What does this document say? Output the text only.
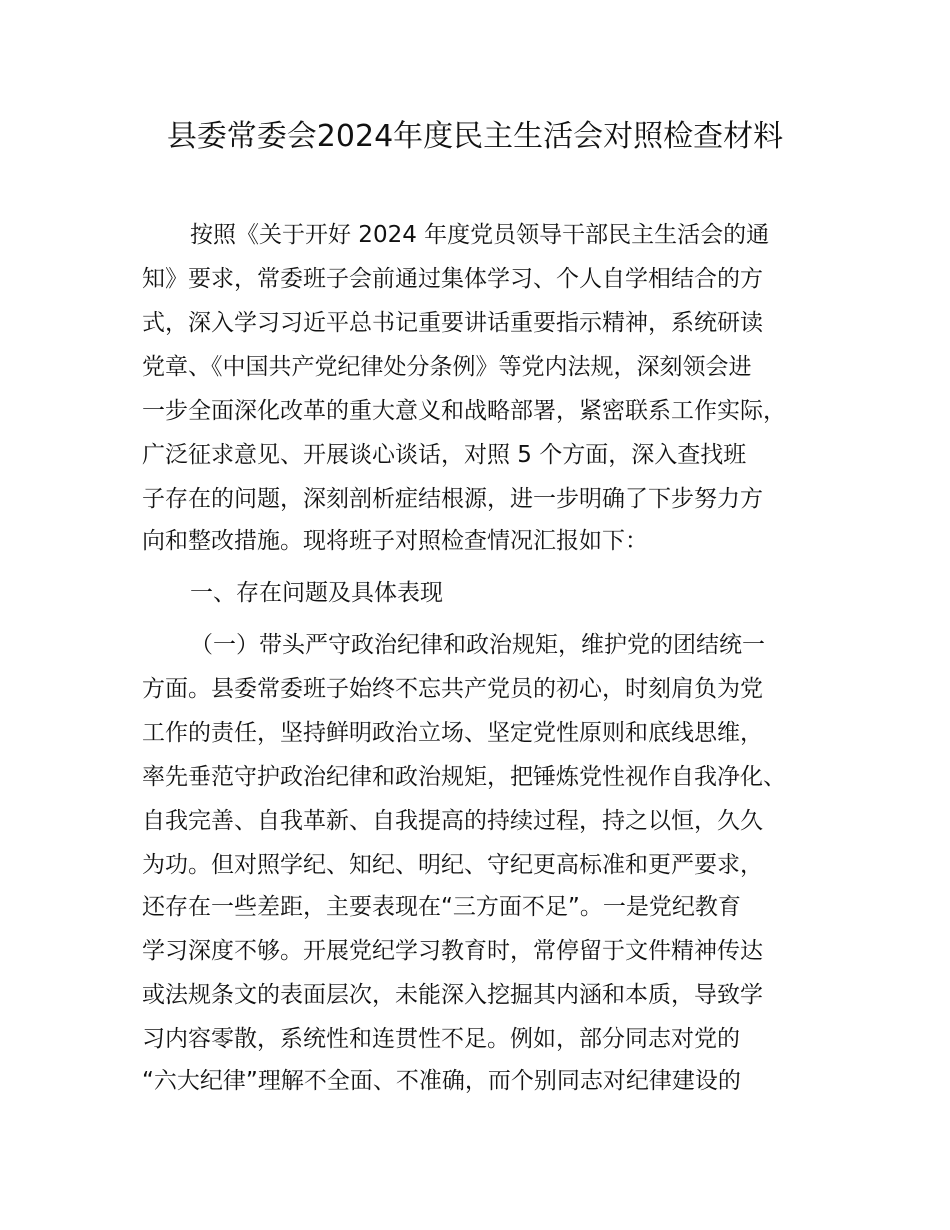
县委常委会2024年度民主生活会对照检查材料

按照《关于开好 2024 年度党员领导干部民主生活会的通

知》要求，常委班子会前通过集体学习、个人自学相结合的方

式，深入学习习近平总书记重要讲话重要指示精神，系统研读

党章、《中国共产党纪律处分条例》等党内法规，深刻领会进

一步全面深化改革的重大意义和战略部署，紧密联系工作实际，

广泛征求意见、开展谈心谈话，对照 5 个方面，深入查找班

子存在的问题，深刻剖析症结根源，进一步明确了下步努力方

向和整改措施。现将班子对照检查情况汇报如下：

一、存在问题及具体表现

（一）带头严守政治纪律和政治规矩，维护党的团结统一

方面。县委常委班子始终不忘共产党员的初心，时刻肩负为党

工作的责任，坚持鲜明政治立场、坚定党性原则和底线思维，

率先垂范守护政治纪律和政治规矩，把锤炼党性视作自我净化、

自我完善、自我革新、自我提高的持续过程，持之以恒，久久

为功。但对照学纪、知纪、明纪、守纪更高标准和更严要求，

还存在一些差距，主要表现在“三方面不足”。一是党纪教育

学习深度不够。开展党纪学习教育时，常停留于文件精神传达

或法规条文的表面层次，未能深入挖掘其内涵和本质，导致学

习内容零散，系统性和连贯性不足。例如，部分同志对党的

“六大纪律”理解不全面、不准确，而个别同志对纪律建设的
